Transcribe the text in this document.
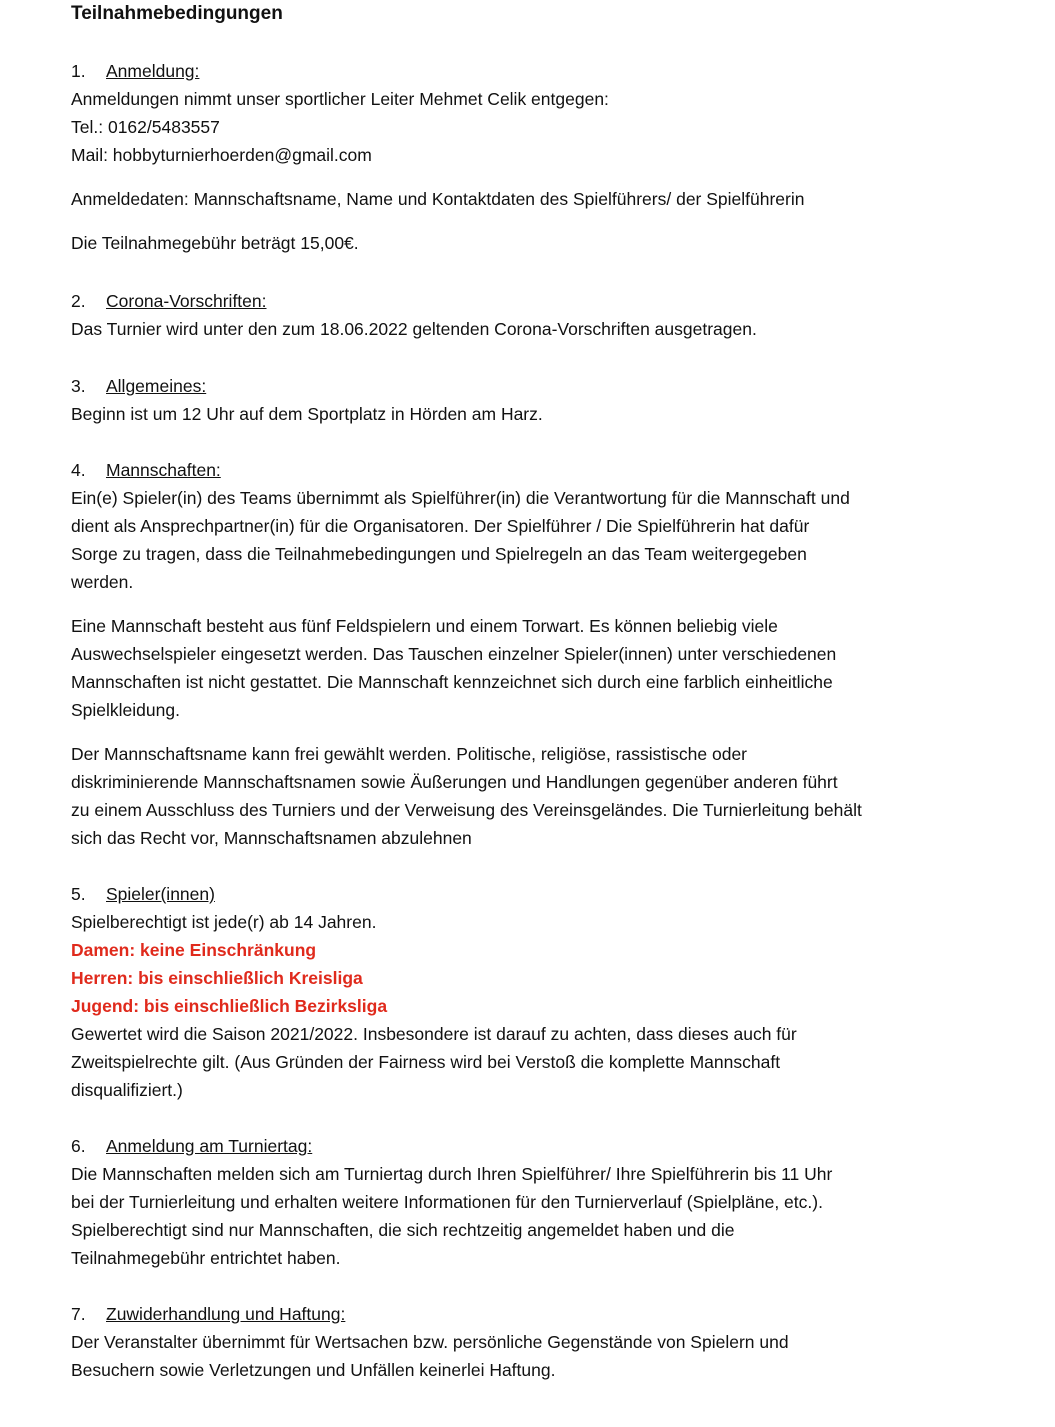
Teilnahmebedingungen
1. Anmeldung:

Anmeldungen nimmt unser sportlicher Leiter Mehmet Celik entgegen:

Tel.: 0162/5483557

Mail: hobbyturnierhoerden@gmail.com

Anmeldedaten: Mannschaftsname, Name und Kontaktdaten des Spielführers/ der Spielführerin

Die Teilnahmegebühr beträgt 15,00€.

2. Corona-Vorschriften:

Das Turnier wird unter den zum 18.06.2022 geltenden Corona-Vorschriften ausgetragen.

3. Allgemeines:

Beginn ist um 12 Uhr auf dem Sportplatz in Hörden am Harz.

4. Mannschaften:

Ein(e) Spieler(in) des Teams übernimmt als Spielführer(in) die Verantwortung für die Mannschaft und

dient als Ansprechpartner(in) für die Organisatoren. Der Spielführer / Die Spielführerin hat dafür

Sorge zu tragen, dass die Teilnahmebedingungen und Spielregeln an das Team weitergegeben

werden.

Eine Mannschaft besteht aus fünf Feldspielern und einem Torwart. Es können beliebig viele

Auswechselspieler eingesetzt werden. Das Tauschen einzelner Spieler(innen) unter verschiedenen

Mannschaften ist nicht gestattet. Die Mannschaft kennzeichnet sich durch eine farblich einheitliche

Spielkleidung.

Der Mannschaftsname kann frei gewählt werden. Politische, religiöse, rassistische oder

diskriminierende Mannschaftsnamen sowie Äußerungen und Handlungen gegenüber anderen führt

zu einem Ausschluss des Turniers und der Verweisung des Vereinsgeländes. Die Turnierleitung behält

sich das Recht vor, Mannschaftsnamen abzulehnen

5. Spieler(innen)

Spielberechtigt ist jede(r) ab 14 Jahren.

Damen: keine Einschränkung

Herren: bis einschließlich Kreisliga

Jugend: bis einschließlich Bezirksliga

Gewertet wird die Saison 2021/2022. Insbesondere ist darauf zu achten, dass dieses auch für

Zweitspielrechte gilt. (Aus Gründen der Fairness wird bei Verstoß die komplette Mannschaft

disqualifiziert.)

6. Anmeldung am Turniertag:

Die Mannschaften melden sich am Turniertag durch Ihren Spielführer/ Ihre Spielführerin bis 11 Uhr

bei der Turnierleitung und erhalten weitere Informationen für den Turnierverlauf (Spielpläne, etc.).

Spielberechtigt sind nur Mannschaften, die sich rechtzeitig angemeldet haben und die

Teilnahmegebühr entrichtet haben.

7. Zuwiderhandlung und Haftung:

Der Veranstalter übernimmt für Wertsachen bzw. persönliche Gegenstände von Spielern und

Besuchern sowie Verletzungen und Unfällen keinerlei Haftung.
